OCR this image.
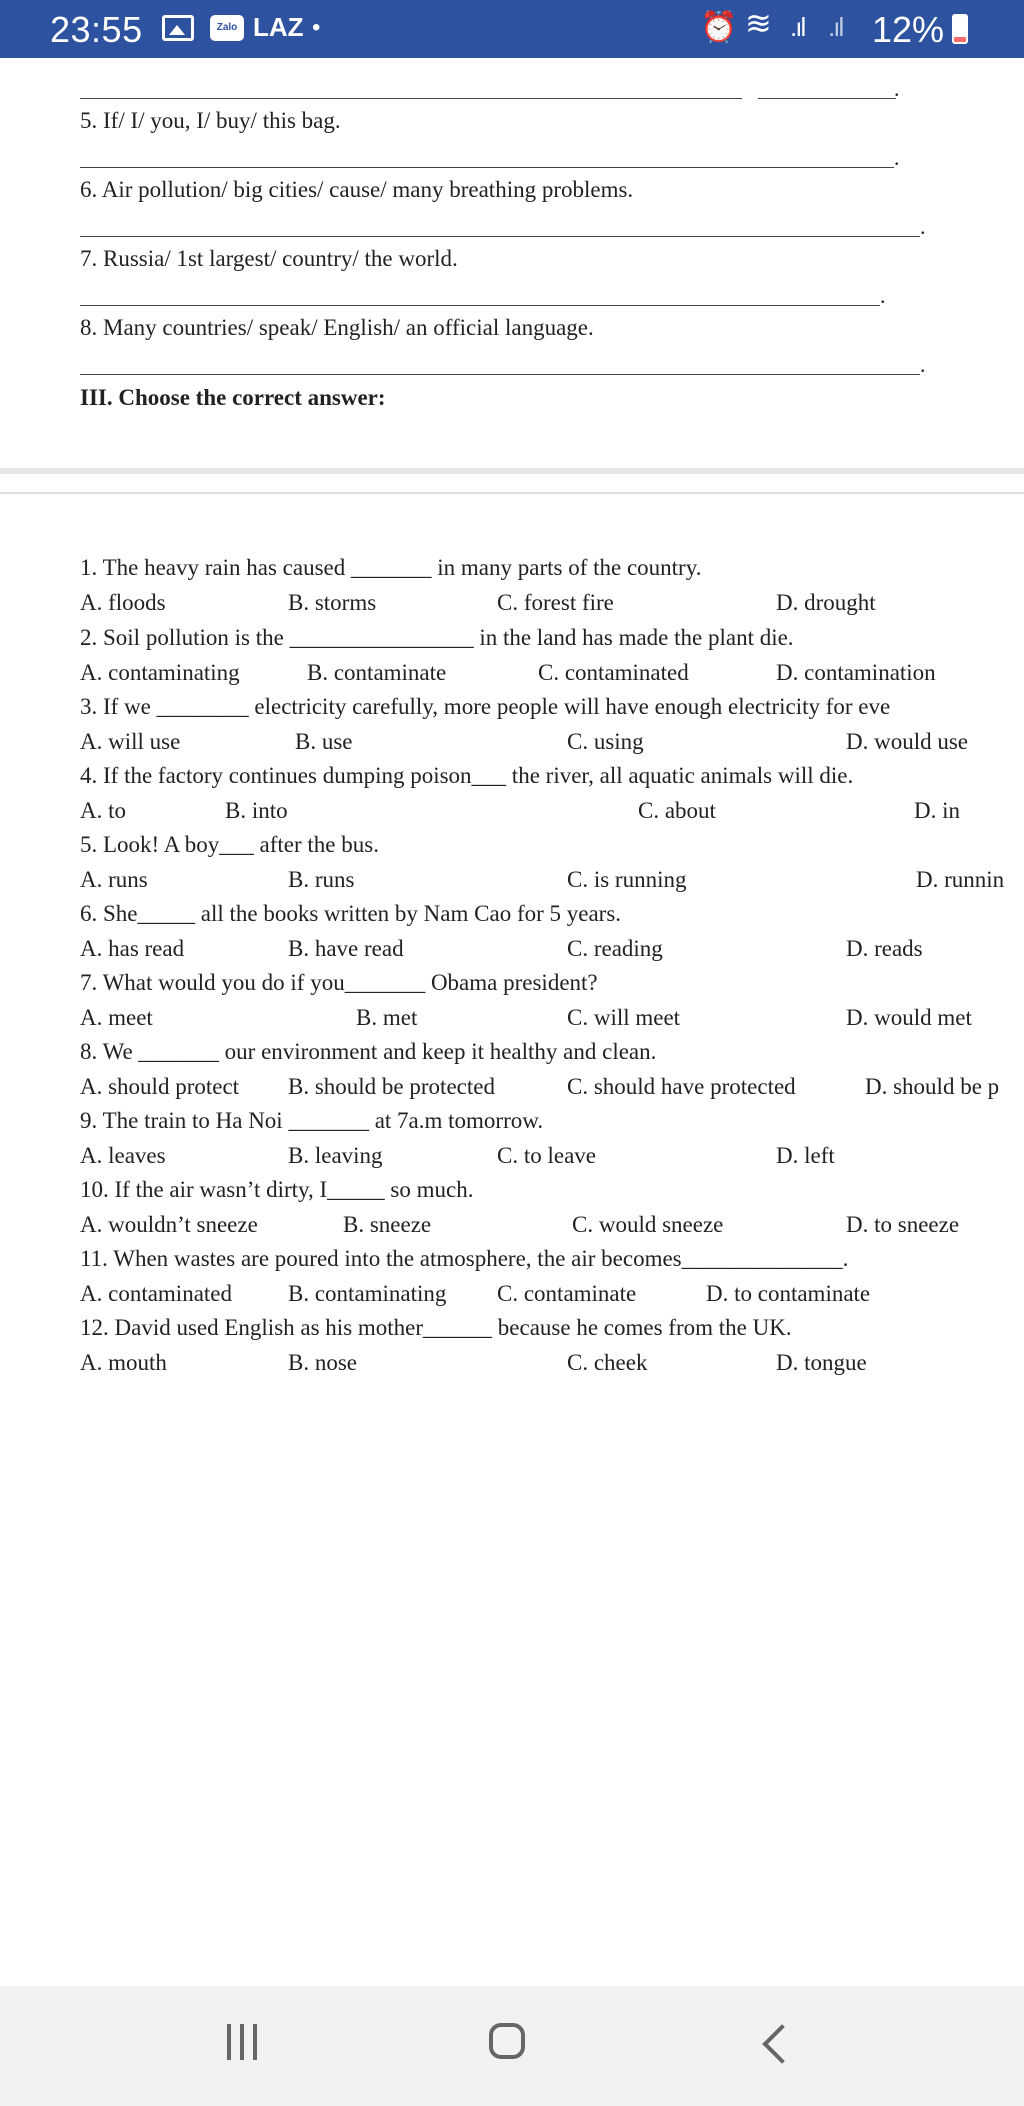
23:55	Zalo LAZ •	⏰ ≋ .ıl .ıl 12%
.
5. If/ I/ you, I/ buy/ this bag.
.
6. Air pollution/ big cities/ cause/ many breathing problems.
.
7. Russia/ 1st largest/ country/ the world.
.
8. Many countries/ speak/ English/ an official language.
.
III. Choose the correct answer:
1. The heavy rain has caused _______ in many parts of the country.
A. floods	B. storms	C. forest fire	D. drought
2. Soil pollution is the ________________ in the land has made the plant die.
A. contaminating	B. contaminate	C. contaminated	D. contamination
3. If we ________ electricity carefully, more people will have enough electricity for eve
A. will use	B. use	C. using	D. would use
4. If the factory continues dumping poison___ the river, all aquatic animals will die.
A. to	B. into	C. about	D. in
5. Look! A boy___ after the bus.
A. runs	B. runs	C. is running	D. runnin
6. She_____ all the books written by Nam Cao for 5 years.
A. has read	B. have read	C. reading	D. reads
7. What would you do if you_______ Obama president?
A. meet	B. met	C. will meet	D. would met
8. We _______ our environment and keep it healthy and clean.
A. should protect B. should be protected	C. should have protected	D. should be p
9. The train to Ha Noi _______ at 7a.m tomorrow.
A. leaves	B. leaving	C. to leave	D. left
10. If the air wasn’t dirty, I_____ so much.
A. wouldn’t sneeze	B. sneeze	C. would sneeze	D. to sneeze
11. When wastes are poured into the atmosphere, the air becomes______________.
A. contaminated B. contaminating C. contaminate	D. to contaminate
12. David used English as his mother______ because he comes from the UK.
A. mouth	B. nose	C. cheek	D. tongue
